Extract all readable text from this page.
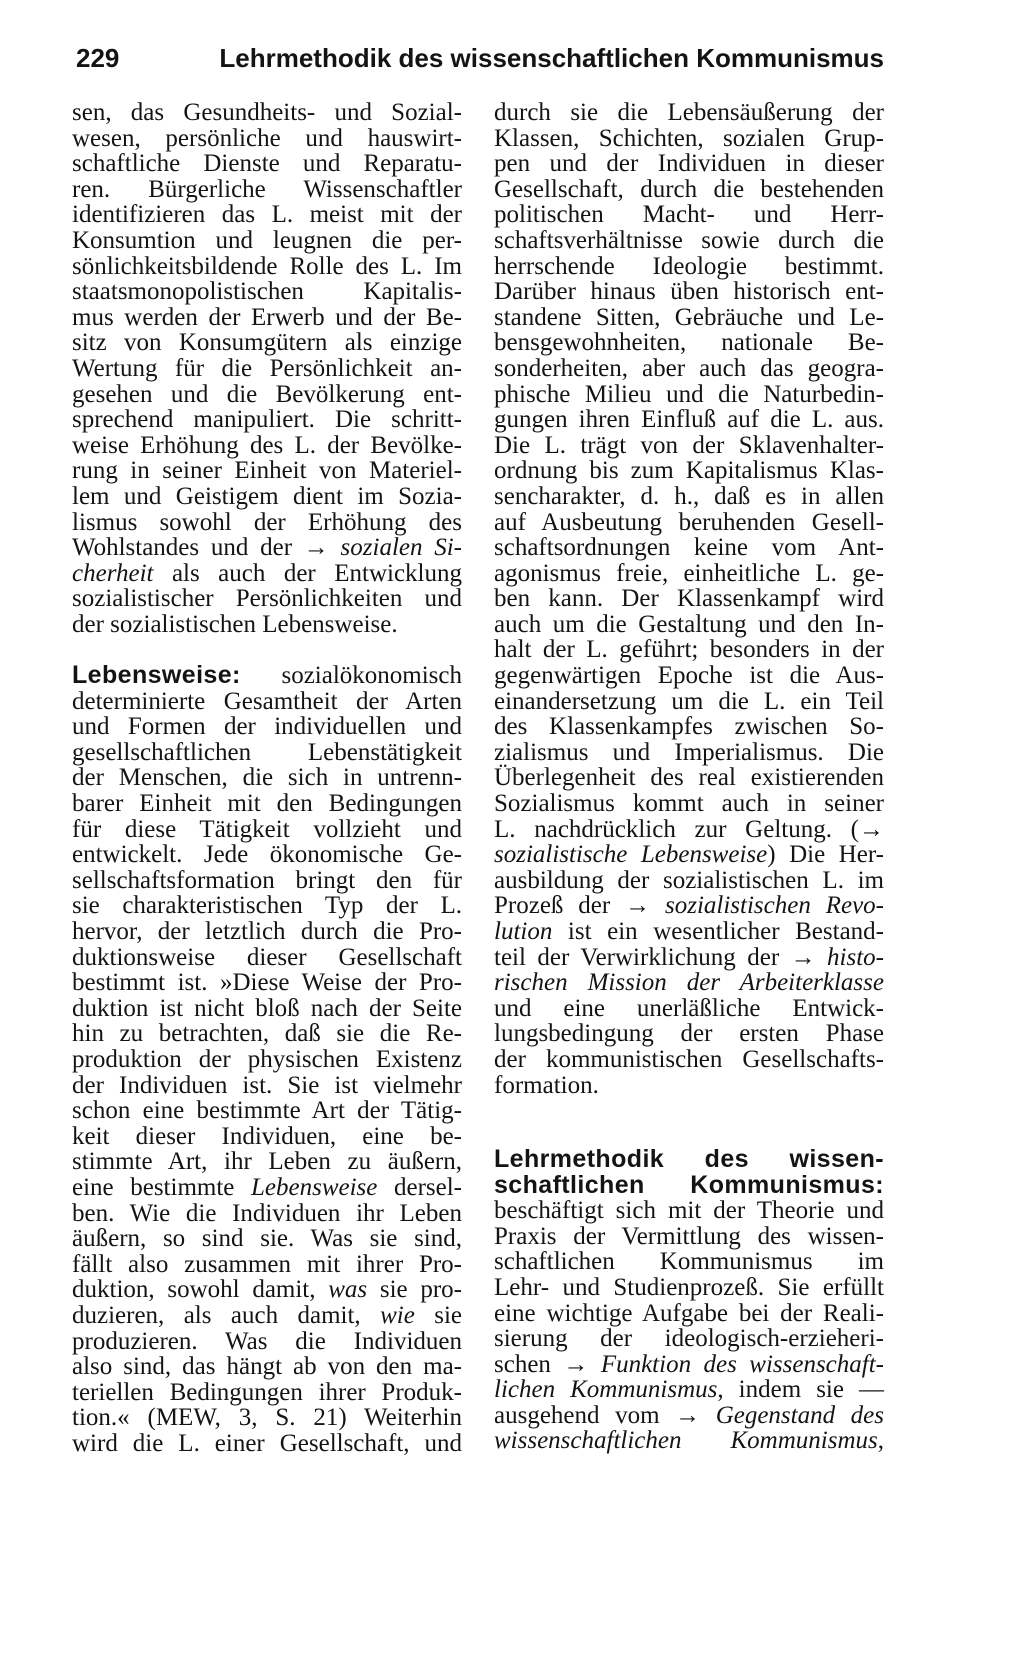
229	Lehrmethodik des wissenschaftlichen Kommunismus
sen, das Gesundheits- und Sozial-
wesen, persönliche und hauswirt-
schaftliche Dienste und Reparatu-
ren. Bürgerliche Wissenschaftler
identifizieren das L. meist mit der
Konsumtion und leugnen die per-
sönlichkeitsbildende Rolle des L. Im
staatsmonopolistischen Kapitalis-
mus werden der Erwerb und der Be-
sitz von Konsumgütern als einzige
Wertung für die Persönlichkeit an-
gesehen und die Bevölkerung ent-
sprechend manipuliert. Die schritt-
weise Erhöhung des L. der Bevölke-
rung in seiner Einheit von Materiel-
lem und Geistigem dient im Sozia-
lismus sowohl der Erhöhung des
Wohlstandes und der → sozialen Si-
cherheit als auch der Entwicklung
sozialistischer Persönlichkeiten und
der sozialistischen Lebensweise.
Lebensweise: sozialökonomisch
determinierte Gesamtheit der Arten
und Formen der individuellen und
gesellschaftlichen Lebenstätigkeit
der Menschen, die sich in untrenn-
barer Einheit mit den Bedingungen
für diese Tätigkeit vollzieht und
entwickelt. Jede ökonomische Ge-
sellschaftsformation bringt den für
sie charakteristischen Typ der L.
hervor, der letztlich durch die Pro-
duktionsweise dieser Gesellschaft
bestimmt ist. »Diese Weise der Pro-
duktion ist nicht bloß nach der Seite
hin zu betrachten, daß sie die Re-
produktion der physischen Existenz
der Individuen ist. Sie ist vielmehr
schon eine bestimmte Art der Tätig-
keit dieser Individuen, eine be-
stimmte Art, ihr Leben zu äußern,
eine bestimmte Lebensweise dersel-
ben. Wie die Individuen ihr Leben
äußern, so sind sie. Was sie sind,
fällt also zusammen mit ihrer Pro-
duktion, sowohl damit, was sie pro-
duzieren, als auch damit, wie sie
produzieren. Was die Individuen
also sind, das hängt ab von den ma-
teriellen Bedingungen ihrer Produk-
tion.« (MEW, 3, S. 21) Weiterhin
wird die L. einer Gesellschaft, und
durch sie die Lebensäußerung der
Klassen, Schichten, sozialen Grup-
pen und der Individuen in dieser
Gesellschaft, durch die bestehenden
politischen Macht- und Herr-
schaftsverhältnisse sowie durch die
herrschende Ideologie bestimmt.
Darüber hinaus üben historisch ent-
standene Sitten, Gebräuche und Le-
bensgewohnheiten, nationale Be-
sonderheiten, aber auch das geogra-
phische Milieu und die Naturbedin-
gungen ihren Einfluß auf die L. aus.
Die L. trägt von der Sklavenhalter-
ordnung bis zum Kapitalismus Klas-
sencharakter, d. h., daß es in allen
auf Ausbeutung beruhenden Gesell-
schaftsordnungen keine vom Ant-
agonismus freie, einheitliche L. ge-
ben kann. Der Klassenkampf wird
auch um die Gestaltung und den In-
halt der L. geführt; besonders in der
gegenwärtigen Epoche ist die Aus-
einandersetzung um die L. ein Teil
des Klassenkampfes zwischen So-
zialismus und Imperialismus. Die
Überlegenheit des real existierenden
Sozialismus kommt auch in seiner
L. nachdrücklich zur Geltung. (→
sozialistische Lebensweise) Die Her-
ausbildung der sozialistischen L. im
Prozeß der → sozialistischen Revo-
lution ist ein wesentlicher Bestand-
teil der Verwirklichung der → histo-
rischen Mission der Arbeiterklasse
und eine unerläßliche Entwick-
lungsbedingung der ersten Phase
der kommunistischen Gesellschafts-
formation.
Lehrmethodik des wissen-
schaftlichen Kommunismus:
beschäftigt sich mit der Theorie und
Praxis der Vermittlung des wissen-
schaftlichen Kommunismus im
Lehr- und Studienprozeß. Sie erfüllt
eine wichtige Aufgabe bei der Reali-
sierung der ideologisch-erzieheri-
schen → Funktion des wissenschaft-
lichen Kommunismus, indem sie —
ausgehend vom → Gegenstand des
wissenschaftlichen Kommunismus,
